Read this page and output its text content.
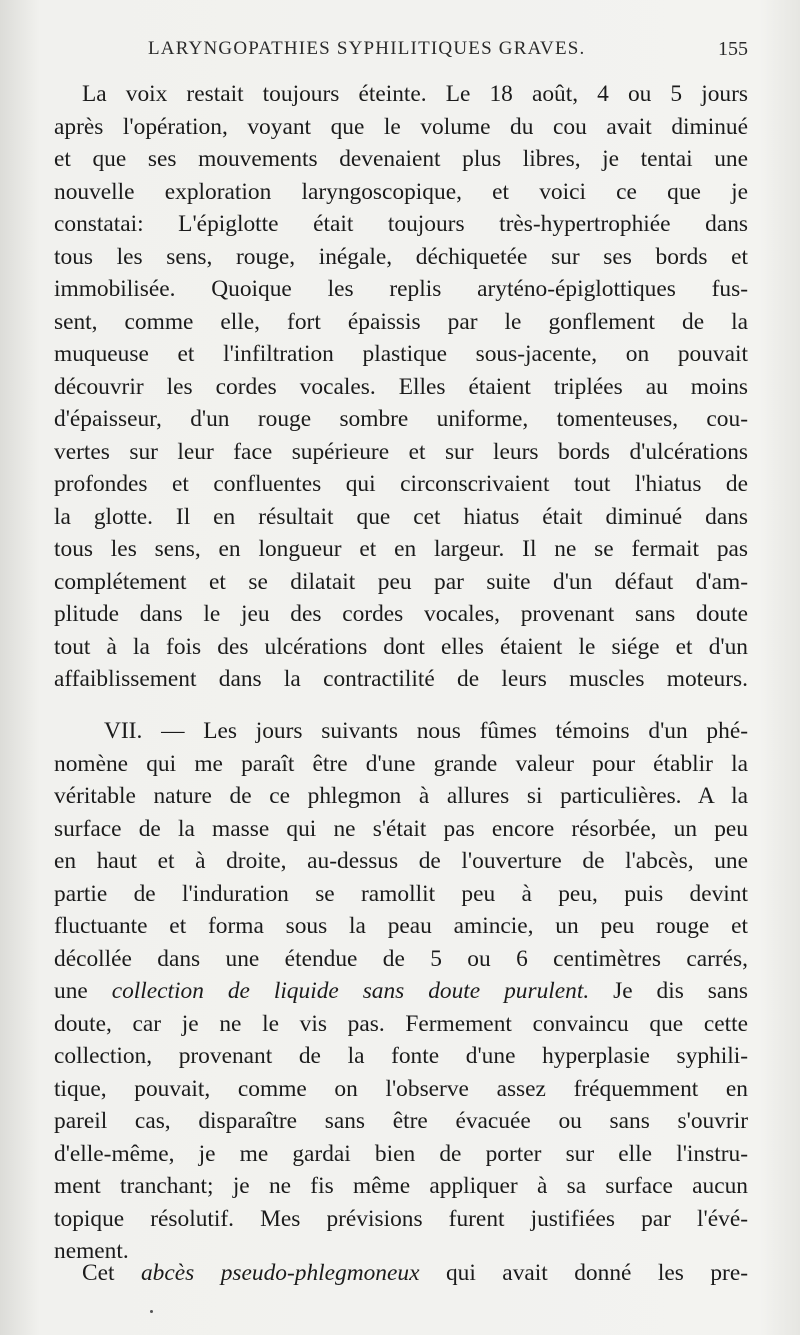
LARYNGOPATHIES SYPHILITIQUES GRAVES.	155
La voix restait toujours éteinte. Le 18 août, 4 ou 5 jours
après l'opération, voyant que le volume du cou avait diminué
et que ses mouvements devenaient plus libres, je tentai une
nouvelle exploration laryngoscopique, et voici ce que je
constatai: L'épiglotte était toujours très-hypertrophiée dans
tous les sens, rouge, inégale, déchiquetée sur ses bords et
immobilisée. Quoique les replis aryténo-épiglottiques fus-
sent, comme elle, fort épaissis par le gonflement de la
muqueuse et l'infiltration plastique sous-jacente, on pouvait
découvrir les cordes vocales. Elles étaient triplées au moins
d'épaisseur, d'un rouge sombre uniforme, tomenteuses, cou-
vertes sur leur face supérieure et sur leurs bords d'ulcérations
profondes et confluentes qui circonscrivaient tout l'hiatus de
la glotte. Il en résultait que cet hiatus était diminué dans
tous les sens, en longueur et en largeur. Il ne se fermait pas
complétement et se dilatait peu par suite d'un défaut d'am-
plitude dans le jeu des cordes vocales, provenant sans doute
tout à la fois des ulcérations dont elles étaient le siége et d'un
affaiblissement dans la contractilité de leurs muscles moteurs.
VII. — Les jours suivants nous fûmes témoins d'un phé-
nomène qui me paraît être d'une grande valeur pour établir la
véritable nature de ce phlegmon à allures si particulières. A la
surface de la masse qui ne s'était pas encore résorbée, un peu
en haut et à droite, au-dessus de l'ouverture de l'abcès, une
partie de l'induration se ramollit peu à peu, puis devint
fluctuante et forma sous la peau amincie, un peu rouge et
décollée dans une étendue de 5 ou 6 centimètres carrés,
une collection de liquide sans doute purulent. Je dis sans
doute, car je ne le vis pas. Fermement convaincu que cette
collection, provenant de la fonte d'une hyperplasie syphili-
tique, pouvait, comme on l'observe assez fréquemment en
pareil cas, disparaître sans être évacuée ou sans s'ouvrir
d'elle-même, je me gardai bien de porter sur elle l'instru-
ment tranchant; je ne fis même appliquer à sa surface aucun
topique résolutif. Mes prévisions furent justifiées par l'évé-
nement.
Cet abcès pseudo-phlegmoneux qui avait donné les pre-
